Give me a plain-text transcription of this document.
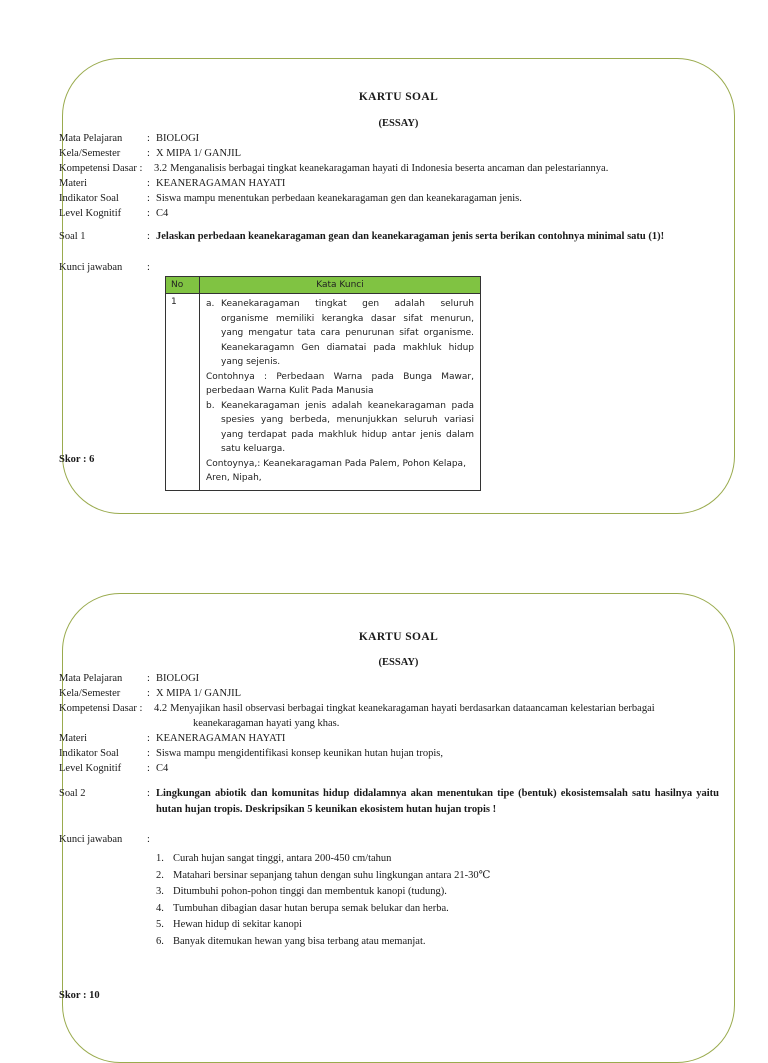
KARTU SOAL
(ESSAY)
Mata Pelajaran	: BIOLOGI
Kela/Semester	: X MIPA 1/ GANJIL
Kompetensi Dasar : 3.2 Menganalisis berbagai tingkat keanekaragaman hayati di Indonesia beserta ancaman dan pelestariannya.
Materi	: KEANERAGAMAN HAYATI
Indikator Soal	: Siswa mampu menentukan perbedaan keanekaragaman gen dan keanekaragaman jenis.
Level Kognitif	: C4
Soal 1	: Jelaskan perbedaan keanekaragaman gean dan keanekaragaman jenis serta berikan contohnya minimal satu (1)!
Kunci jawaban :
No	Kata Kunci
1	a. Keanekaragaman tingkat gen adalah seluruh organisme memiliki kerangka dasar sifat menurun, yang mengatur tata cara penurunan sifat organisme. Keanekaragamn Gen diamatai pada makhluk hidup yang sejenis.
Contohnya : Perbedaan Warna pada Bunga Mawar, perbedaan Warna Kulit Pada Manusia
b. Keanekaragaman jenis adalah keanekaragaman pada spesies yang berbeda, menunjukkan seluruh variasi yang terdapat pada makhluk hidup antar jenis dalam satu keluarga.
Contoynya,: Keanekaragaman Pada Palem, Pohon Kelapa, Aren, Nipah,
Skor : 6
KARTU SOAL
(ESSAY)
Mata Pelajaran	: BIOLOGI
Kela/Semester	: X MIPA 1/ GANJIL
Kompetensi Dasar : 4.2 Menyajikan hasil observasi berbagai tingkat keanekaragaman hayati berdasarkan dataancaman kelestarian berbagai
keanekaragaman hayati yang khas.
Materi	: KEANERAGAMAN HAYATI
Indikator Soal	: Siswa mampu mengidentifikasi konsep keunikan hutan hujan tropis,
Level Kognitif	: C4
Soal 2	: Lingkungan abiotik dan komunitas hidup didalamnya akan menentukan tipe (bentuk) ekosistemsalah satu hasilnya yaitu hutan hujan tropis. Deskripsikan 5 keunikan ekosistem hutan hujan tropis !
Kunci jawaban :
1. Curah hujan sangat tinggi, antara 200-450 cm/tahun
2. Matahari bersinar sepanjang tahun dengan suhu lingkungan antara 21-30℃
3. Ditumbuhi pohon-pohon tinggi dan membentuk kanopi (tudung).
4. Tumbuhan dibagian dasar hutan berupa semak belukar dan herba.
5. Hewan hidup di sekitar kanopi
6. Banyak ditemukan hewan yang bisa terbang atau memanjat.
Skor : 10
